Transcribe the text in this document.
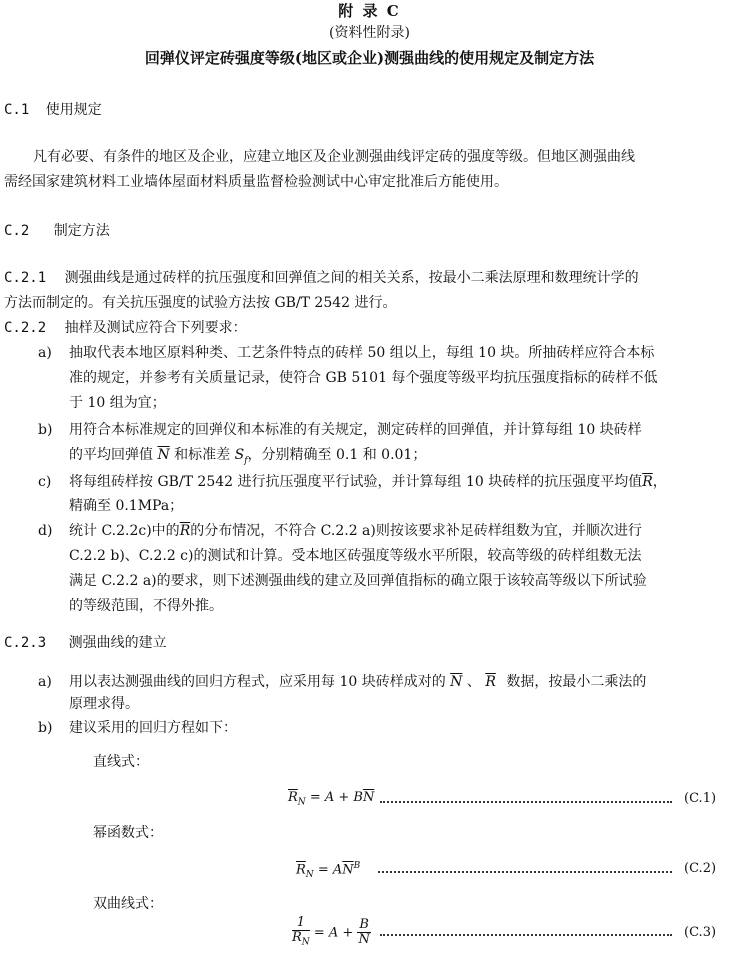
附 录 C
(资料性附录)
回弹仪评定砖强度等级(地区或企业)测强曲线的使用规定及制定方法
C.1 使用规定
凡有必要、有条件的地区及企业，应建立地区及企业测强曲线评定砖的强度等级。但地区测强曲线
需经国家建筑材料工业墙体屋面材料质量监督检验测试中心审定批准后方能使用。
C.2 制定方法
C.2.1 测强曲线是通过砖样的抗压强度和回弹值之间的相关关系，按最小二乘法原理和数理统计学的
方法而制定的。有关抗压强度的试验方法按 GB/T 2542 进行。
C.2.2 抽样及测试应符合下列要求：
a) 抽取代表本地区原料种类、工艺条件特点的砖样 50 组以上，每组 10 块。所抽砖样应符合本标
准的规定，并参考有关质量记录，使符合 GB 5101 每个强度等级平均抗压强度指标的砖样不低
于 10 组为宜；
b) 用符合本标准规定的回弹仪和本标准的有关规定，测定砖样的回弹值，并计算每组 10 块砖样
的平均回弹值 $\overline{N}$ 和标准差 $S_f$，分别精确至 0.1 和 0.01；
c) 将每组砖样按 GB/T 2542 进行抗压强度平行试验，并计算每组 10 块砖样的抗压强度平均值$\overline{R}$，
精确至 0.1MPa；
d) 统计 C.2.2c)中的$\overline{R}$的分布情况，不符合 C.2.2 a)则按该要求补足砖样组数为宜，并顺次进行
C.2.2 b)、C.2.2 c)的测试和计算。受本地区砖强度等级水平所限，较高等级的砖样组数无法
满足 C.2.2 a)的要求，则下述测强曲线的建立及回弹值指标的确立限于该较高等级以下所试验
的等级范围，不得外推。
C.2.3 测强曲线的建立
a) 用以表达测强曲线的回归方程式，应采用每 10 块砖样成对的 $\overline{N}$ 、 $\overline{R}$ 数据，按最小二乘法的
原理求得。
b) 建议采用的回归方程如下：
直线式：
$\overline{R}_N = A + B\overline{N}$	(C.1)
幂函数式：
$\overline{R}_N = A\overline{N}^B$	(C.2)
双曲线式：
$\frac{1}{R_N} = A + \frac{B}{N}$	(C.3)
